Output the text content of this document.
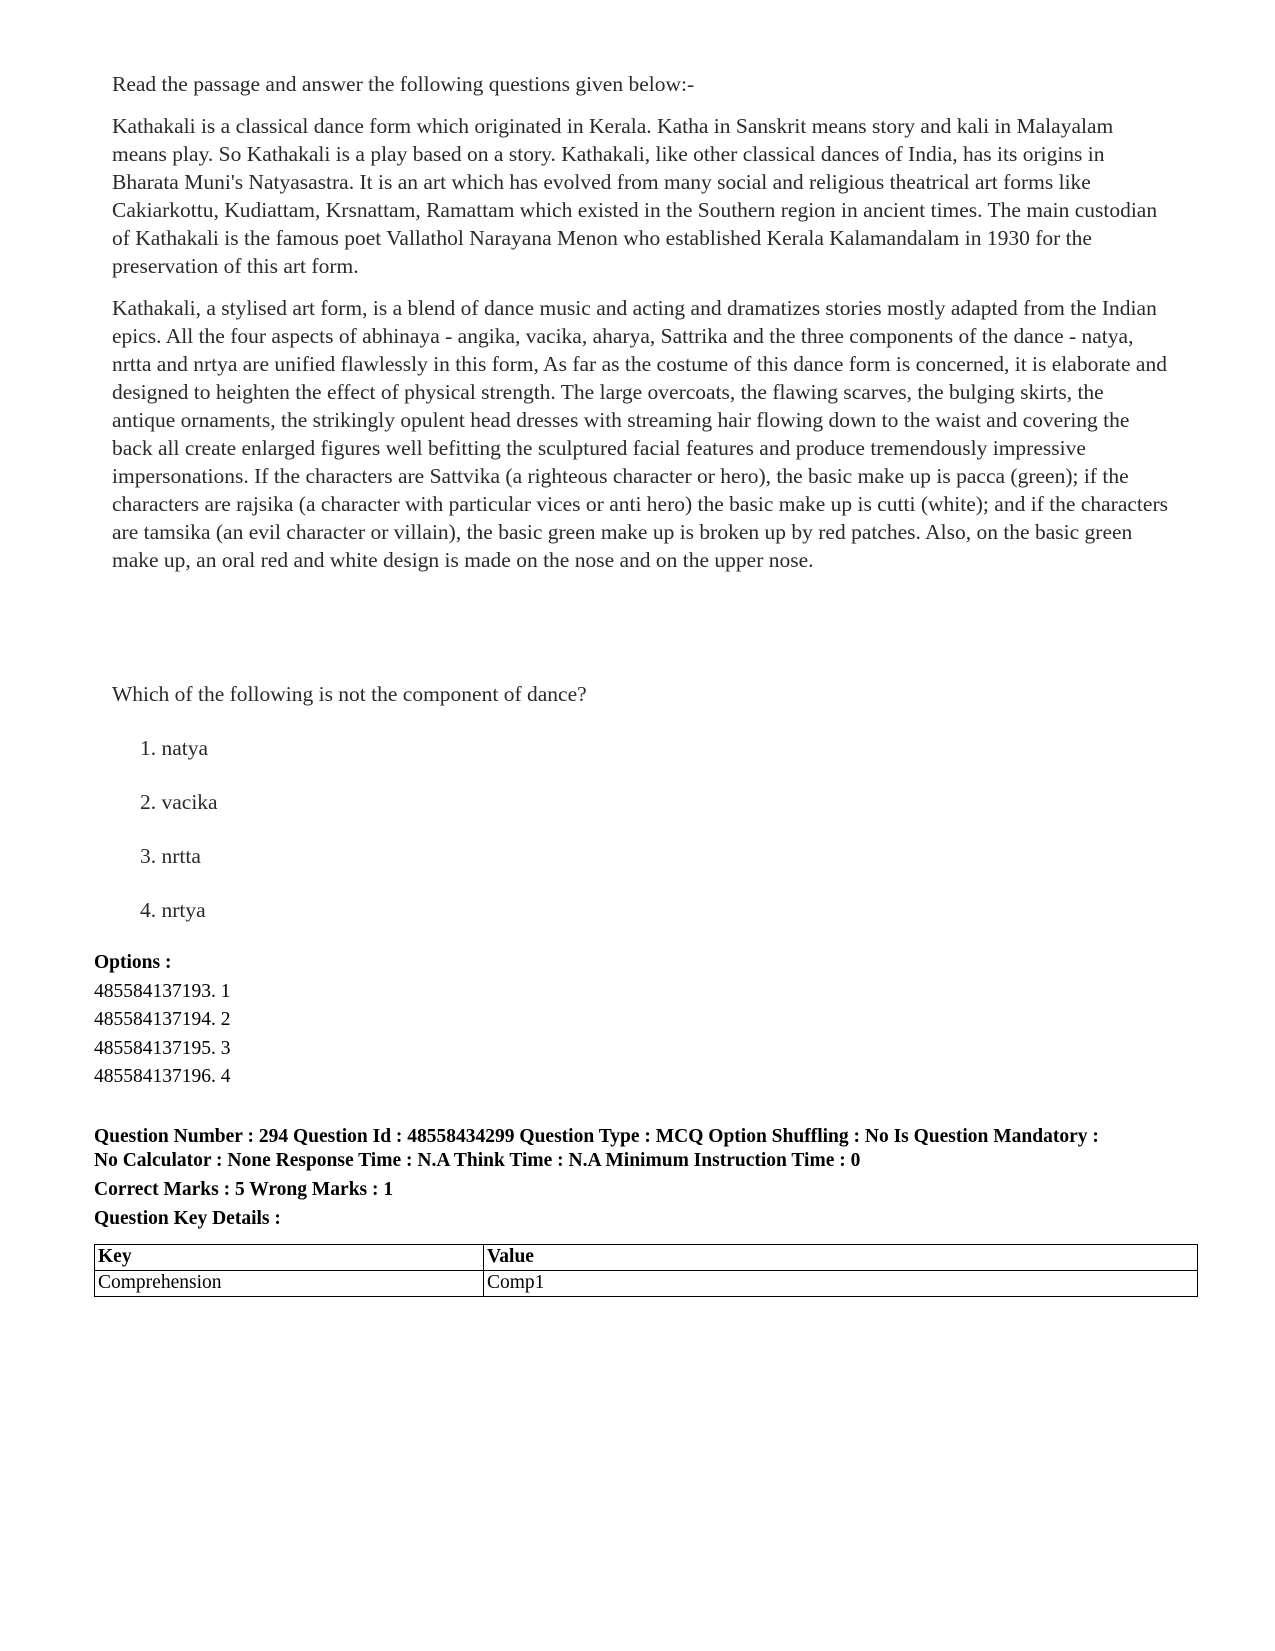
Read the passage and answer the following questions given below:-

Kathakali is a classical dance form which originated in Kerala. Katha in Sanskrit means story and kali in Malayalam means play. So Kathakali is a play based on a story. Kathakali, like other classical dances of India, has its origins in Bharata Muni's Natyasastra. It is an art which has evolved from many social and religious theatrical art forms like Cakiarkottu, Kudiattam, Krsnattam, Ramattam which existed in the Southern region in ancient times. The main custodian of Kathakali is the famous poet Vallathol Narayana Menon who established Kerala Kalamandalam in 1930 for the preservation of this art form.

Kathakali, a stylised art form, is a blend of dance music and acting and dramatizes stories mostly adapted from the Indian epics. All the four aspects of abhinaya - angika, vacika, aharya, Sattrika and the three components of the dance - natya, nrtta and nrtya are unified flawlessly in this form, As far as the costume of this dance form is concerned, it is elaborate and designed to heighten the effect of physical strength. The large overcoats, the flawing scarves, the bulging skirts, the antique ornaments, the strikingly opulent head dresses with streaming hair flowing down to the waist and covering the back all create enlarged figures well befitting the sculptured facial features and produce tremendously impressive impersonations. If the characters are Sattvika (a righteous character or hero), the basic make up is pacca (green); if the characters are rajsika (a character with particular vices or anti hero) the basic make up is cutti (white); and if the characters are tamsika (an evil character or villain), the basic green make up is broken up by red patches. Also, on the basic green make up, an oral red and white design is made on the nose and on the upper nose.

Which of the following is not the component of dance?
1. natya
2. vacika
3. nrtta
4. nrtya
Options :
485584137193. 1
485584137194. 2
485584137195. 3
485584137196. 4

Question Number : 294 Question Id : 48558434299 Question Type : MCQ Option Shuffling : No Is Question Mandatory :

No Calculator : None Response Time : N.A Think Time : N.A Minimum Instruction Time : 0

Correct Marks : 5 Wrong Marks : 1

Question Key Details :

Key	Value
Comprehension	Comp1
